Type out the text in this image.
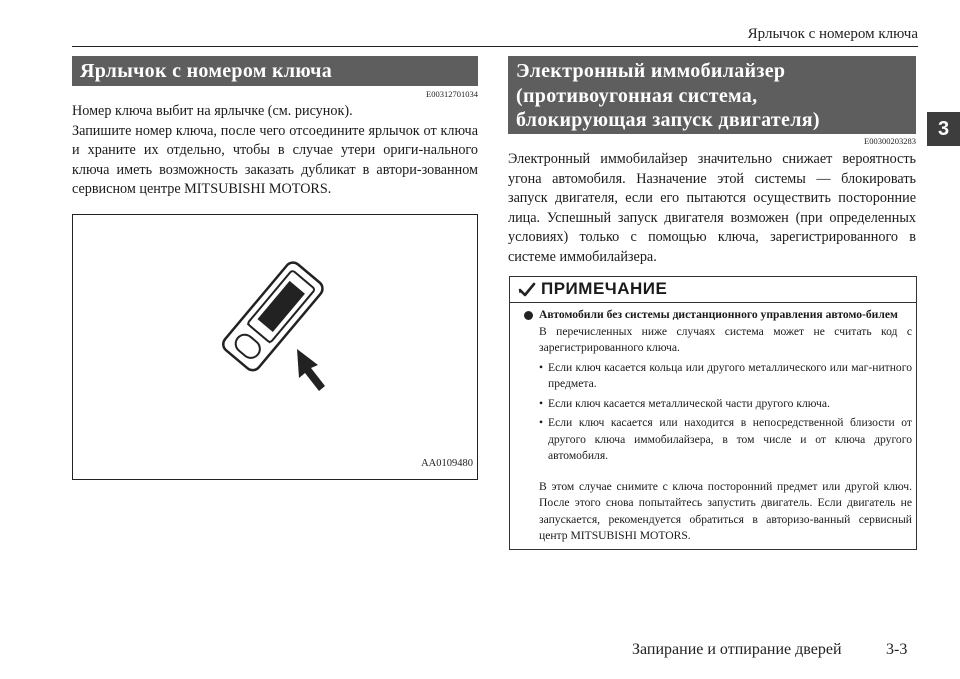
Ярлычок с номером ключа
3
Ярлычок с номером ключа
E00312701034

Номер ключа выбит на ярлычке (см. рисунок).

Запишите номер ключа, после чего отсоедините ярлычок от ключа и храните их отдельно, чтобы в случае утери ориги-нального ключа иметь возможность заказать дубликат в автори-зованном сервисном центре MITSUBISHI MOTORS.

AA0109480
Электронный иммобилайзер
(противоугонная система,
блокирующая запуск двигателя)
E00300203283

Электронный иммобилайзер значительно снижает вероятность угона автомобиля. Назначение этой системы — блокировать запуск двигателя, если его пытаются осуществить посторонние лица. Успешный запуск двигателя возможен (при определенных условиях) только с помощью ключа, зарегистрированного в системе иммобилайзера.

ПРИМЕЧАНИЕ

Автомобили без системы дистанционного управления автомо-билем

В перечисленных ниже случаях система может не считать код с зарегистрированного ключа.

• Если ключ касается кольца или другого металлического или маг-нитного предмета.

• Если ключ касается металлической части другого ключа.

• Если ключ касается или находится в непосредственной близости от другого ключа иммобилайзера, в том числе и от ключа другого автомобиля.

В этом случае снимите с ключа посторонний предмет или другой ключ. После этого снова попытайтесь запустить двигатель. Если двигатель не запускается, рекомендуется обратиться в авторизо-ванный сервисный центр MITSUBISHI MOTORS.

Запирание и отпирание дверей	3-3
